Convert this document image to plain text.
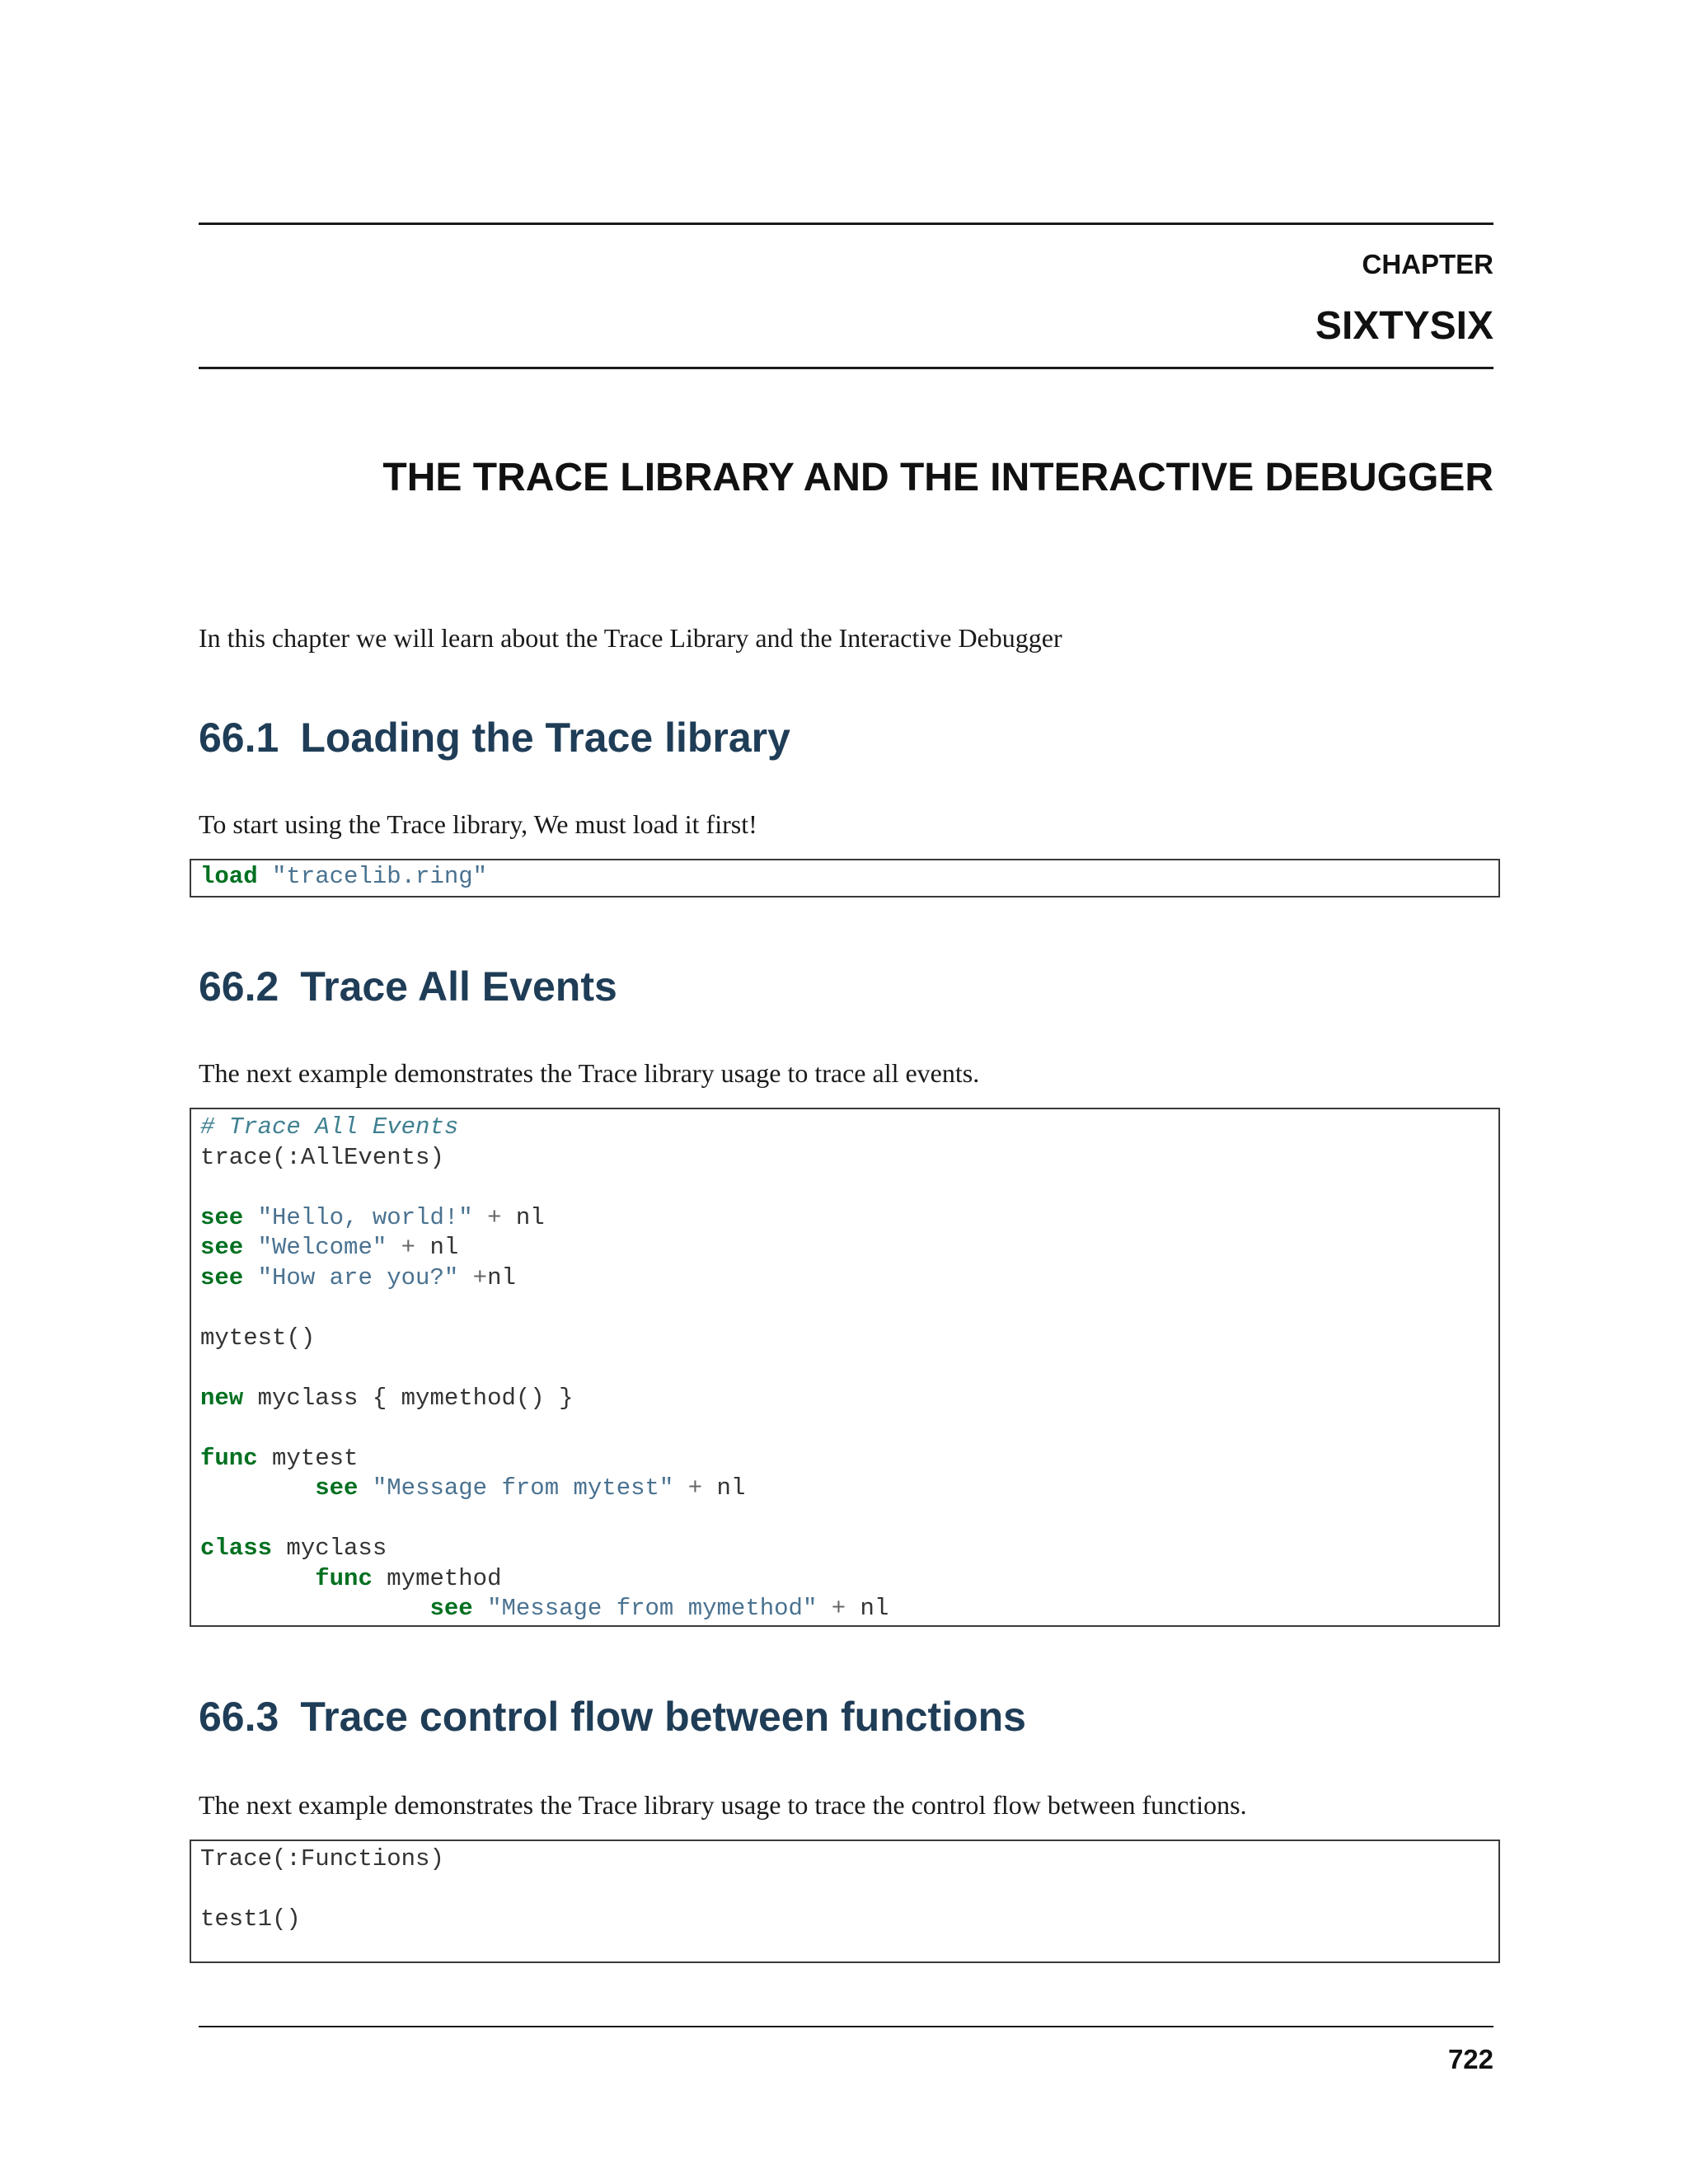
CHAPTER
SIXTYSIX
THE TRACE LIBRARY AND THE INTERACTIVE DEBUGGER
In this chapter we will learn about the Trace Library and the Interactive Debugger
66.1 Loading the Trace library
To start using the Trace library, We must load it first!
load "tracelib.ring"
66.2 Trace All Events
The next example demonstrates the Trace library usage to trace all events.
# Trace All Events
trace(:AllEvents)

see "Hello, world!" + nl
see "Welcome" + nl
see "How are you?" +nl

mytest()

new myclass { mymethod() }

func mytest
see "Message from mytest" + nl

class myclass
func mymethod
see "Message from mymethod" + nl
66.3 Trace control flow between functions
The next example demonstrates the Trace library usage to trace the control flow between functions.
Trace(:Functions)

test1()

722
